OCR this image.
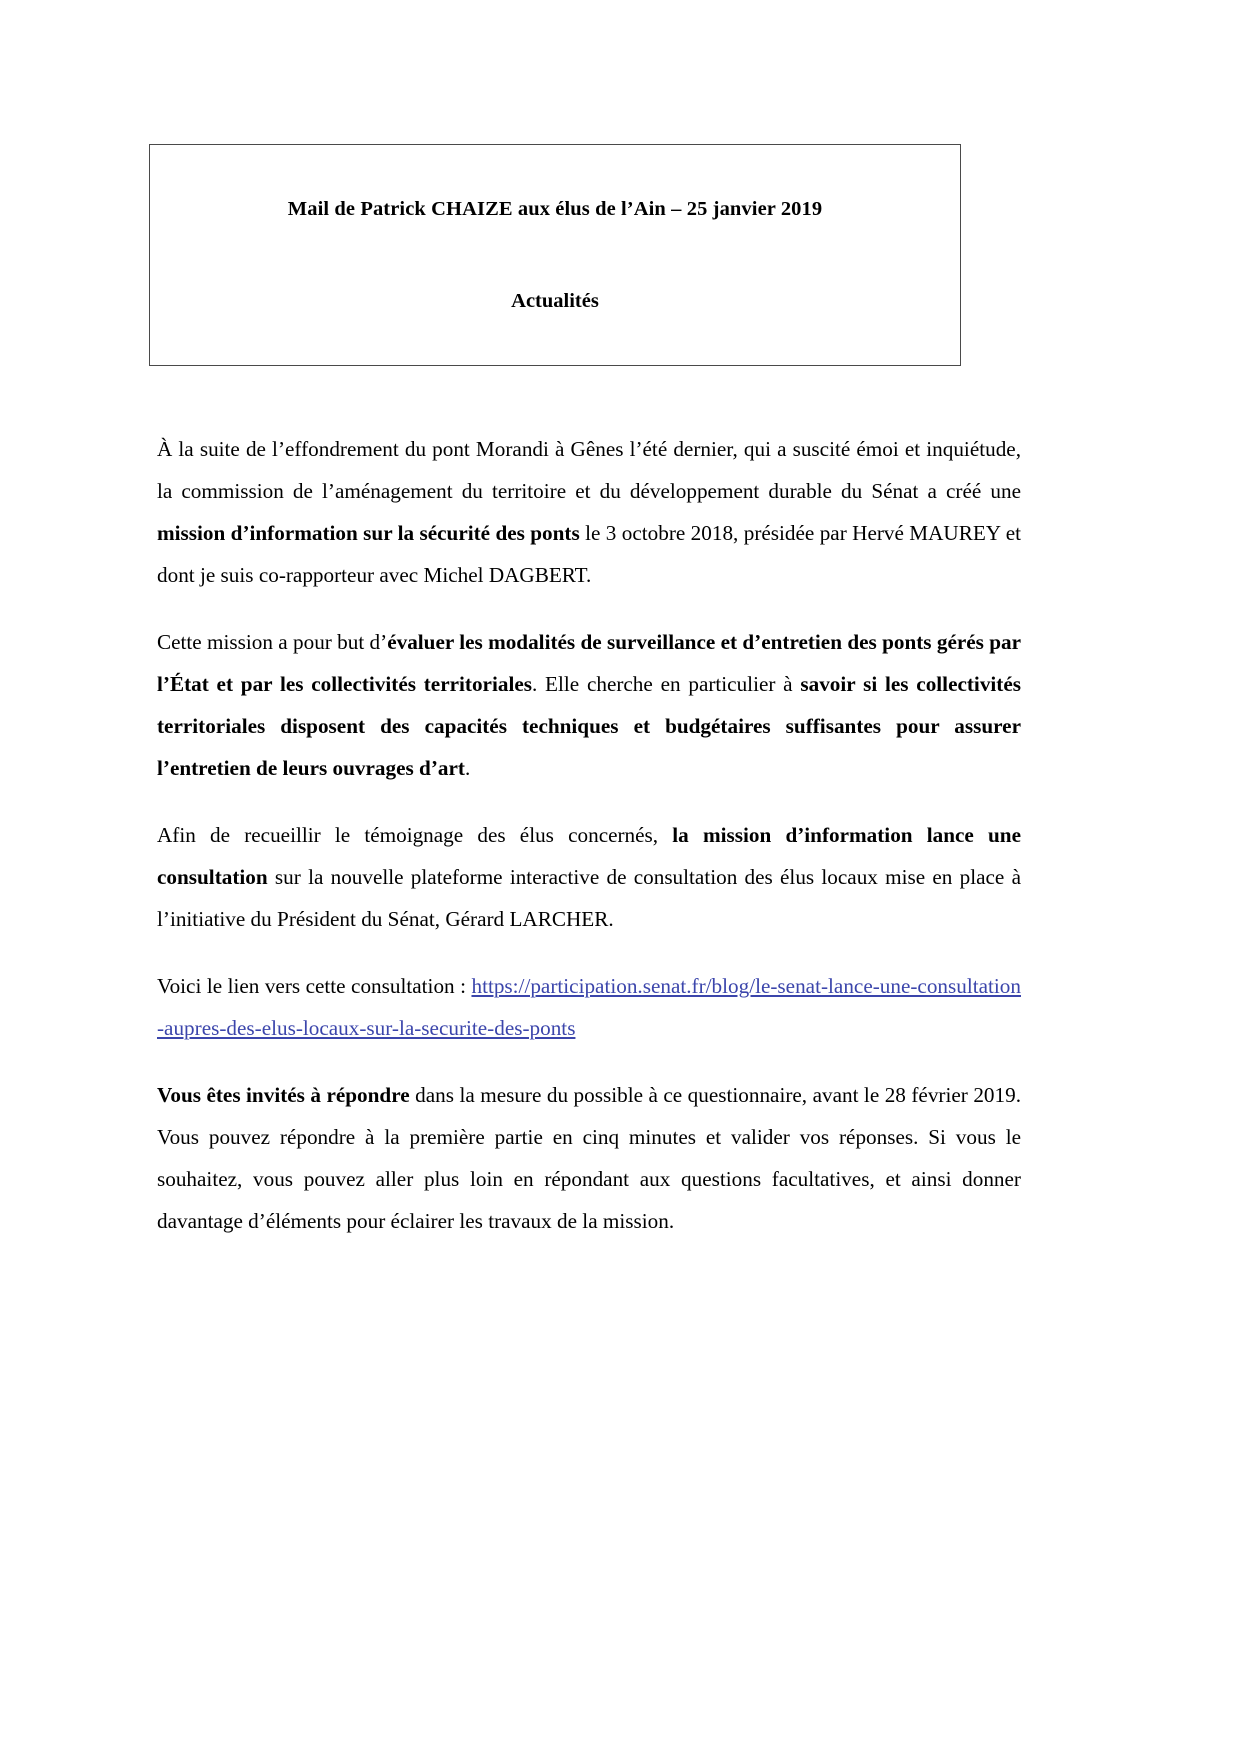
Mail de Patrick CHAIZE aux élus de l’Ain – 25 janvier 2019
Actualités

À la suite de l’effondrement du pont Morandi à Gênes l’été dernier, qui a suscité émoi et inquiétude, la commission de l’aménagement du territoire et du développement durable du Sénat a créé une mission d’information sur la sécurité des ponts le 3 octobre 2018, présidée par Hervé MAUREY et dont je suis co-rapporteur avec Michel DAGBERT.

Cette mission a pour but d’évaluer les modalités de surveillance et d’entretien des ponts gérés par l’État et par les collectivités territoriales. Elle cherche en particulier à savoir si les collectivités territoriales disposent des capacités techniques et budgétaires suffisantes pour assurer l’entretien de leurs ouvrages d’art.

Afin de recueillir le témoignage des élus concernés, la mission d’information lance une consultation sur la nouvelle plateforme interactive de consultation des élus locaux mise en place à l’initiative du Président du Sénat, Gérard LARCHER.

Voici le lien vers cette consultation : https://participation.senat.fr/blog/le-senat-lance-une-consultation-aupres-des-elus-locaux-sur-la-securite-des-ponts

Vous êtes invités à répondre dans la mesure du possible à ce questionnaire, avant le 28 février 2019. Vous pouvez répondre à la première partie en cinq minutes et valider vos réponses. Si vous le souhaitez, vous pouvez aller plus loin en répondant aux questions facultatives, et ainsi donner davantage d’éléments pour éclairer les travaux de la mission.
